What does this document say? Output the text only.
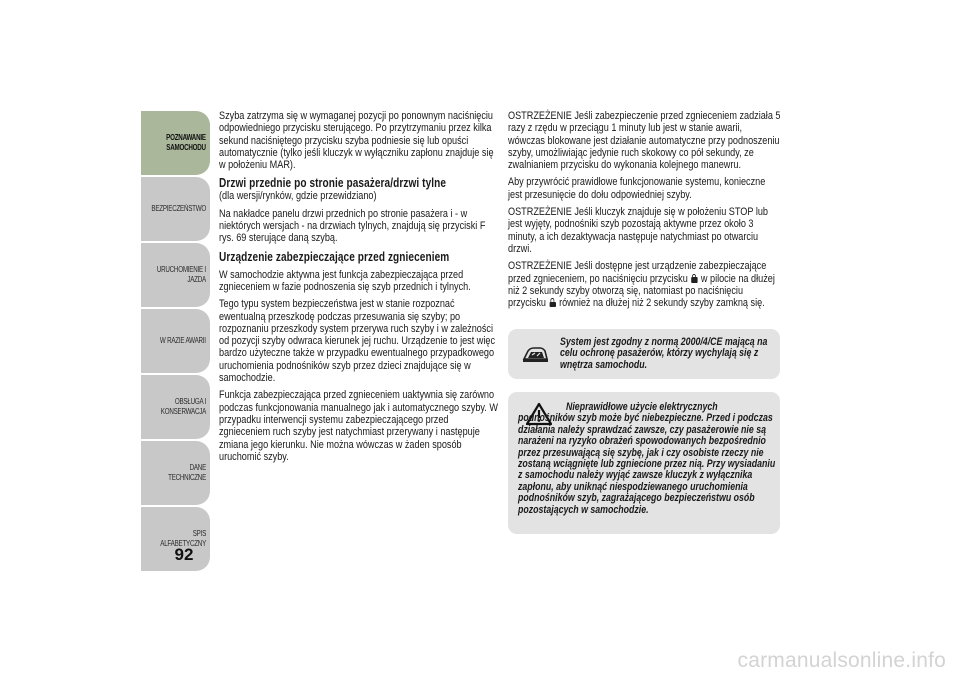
POZNAWANIE
SAMOCHODU
BEZPIECZEŃSTWO
URUCHOMIENIE I
JAZDA
W RAZIE AWARII
OBSŁUGA I
KONSERWACJA
DANE TECHNICZNE
SPIS ALFABETYCZNY
92

Szyba zatrzyma się w wymaganej pozycji po ponownym naciśnięciu odpowiedniego przycisku sterującego. Po przytrzymaniu przez kilka sekund naciśniętego przycisku szyba podniesie się lub opuści automatycznie (tylko jeśli kluczyk w wyłączniku zapłonu znajduje się w położeniu MAR).

Drzwi przednie po stronie pasażera/drzwi tylne

(dla wersji/rynków, gdzie przewidziano)

Na nakładce panelu drzwi przednich po stronie pasażera i - w niektórych wersjach - na drzwiach tylnych, znajdują się przyciski F rys. 69 sterujące daną szybą.

Urządzenie zabezpieczające przed zgnieceniem

W samochodzie aktywna jest funkcja zabezpieczająca przed zgnieceniem w fazie podnoszenia się szyb przednich i tylnych.

Tego typu system bezpieczeństwa jest w stanie rozpoznać ewentualną przeszkodę podczas przesuwania się szyby; po rozpoznaniu przeszkody system przerywa ruch szyby i w zależności od pozycji szyby odwraca kierunek jej ruchu. Urządzenie to jest więc bardzo użyteczne także w przypadku ewentualnego przypadkowego uruchomienia podnośników szyb przez dzieci znajdujące się w samochodzie.

Funkcja zabezpieczająca przed zgnieceniem uaktywnia się zarówno podczas funkcjonowania manualnego jak i automatycznego szyby. W przypadku interwencji systemu zabezpieczającego przed zgnieceniem ruch szyby jest natychmiast przerywany i następuje zmiana jego kierunku. Nie można wówczas w żaden sposób uruchomić szyby.

OSTRZEŻENIE Jeśli zabezpieczenie przed zgnieceniem zadziała 5 razy z rzędu w przeciągu 1 minuty lub jest w stanie awarii, wówczas blokowane jest działanie automatyczne przy podnoszeniu szyby, umożliwiając jedynie ruch skokowy co pół sekundy, ze zwalnianiem przycisku do wykonania kolejnego manewru.

Aby przywrócić prawidłowe funkcjonowanie systemu, konieczne jest przesunięcie do dołu odpowiedniej szyby.

OSTRZEŻENIE Jeśli kluczyk znajduje się w położeniu STOP lub jest wyjęty, podnośniki szyb pozostają aktywne przez około 3 minuty, a ich dezaktywacja następuje natychmiast po otwarciu drzwi.

OSTRZEŻENIE Jeśli dostępne jest urządzenie zabezpieczające przed zgnieceniem, po naciśnięciu przycisku w pilocie na dłużej niż 2 sekundy szyby otworzą się, natomiast po naciśnięciu przycisku również na dłużej niż 2 sekundy szyby zamkną się.

System jest zgodny z normą 2000/4/CE mającą na celu ochronę pasażerów, którzy wychylają się z wnętrza samochodu.
Nieprawidłowe użycie elektrycznych podnośników szyb może być niebezpieczne. Przed i podczas działania należy sprawdzać zawsze, czy pasażerowie nie są narażeni na ryzyko obrażeń spowodowanych bezpośrednio przez przesuwającą się szybę, jak i czy osobiste rzeczy nie zostaną wciągnięte lub zgniecione przez nią. Przy wysiadaniu z samochodu należy wyjąć zawsze kluczyk z wyłącznika zapłonu, aby uniknąć niespodziewanego uruchomienia podnośników szyb, zagrażającego bezpieczeństwu osób pozostających w samochodzie.
carmanualsonline.info
